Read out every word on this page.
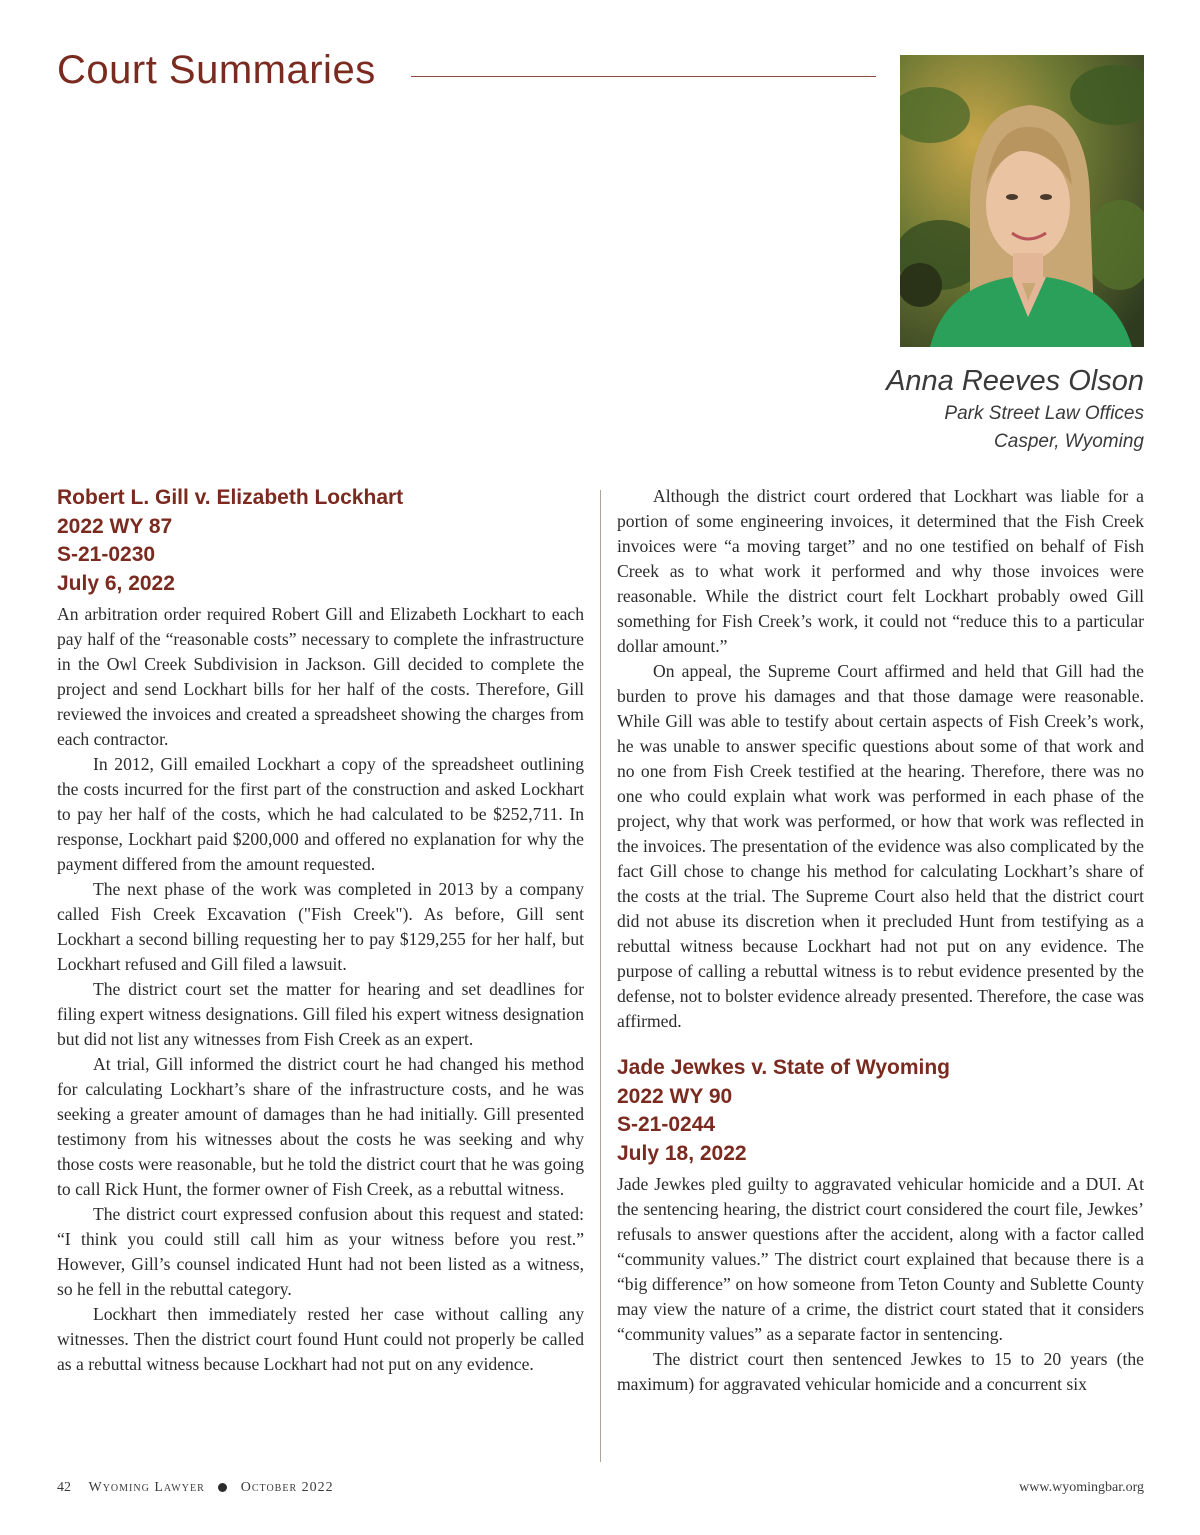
Court Summaries
Anna Reeves Olson
Park Street Law Offices
Casper, Wyoming
Robert L. Gill v. Elizabeth Lockhart
2022 WY 87
S-21-0230
July 6, 2022

An arbitration order required Robert Gill and Elizabeth Lockhart to each pay half of the “reasonable costs” necessary to complete the infrastructure in the Owl Creek Subdivision in Jackson. Gill decided to complete the project and send Lockhart bills for her half of the costs. Therefore, Gill reviewed the invoices and created a spreadsheet showing the charges from each contractor.

In 2012, Gill emailed Lockhart a copy of the spreadsheet outlining the costs incurred for the first part of the construction and asked Lockhart to pay her half of the costs, which he had calculated to be $252,711. In response, Lockhart paid $200,000 and offered no explanation for why the payment differed from the amount requested.

The next phase of the work was completed in 2013 by a company called Fish Creek Excavation ("Fish Creek"). As before, Gill sent Lockhart a second billing requesting her to pay $129,255 for her half, but Lockhart refused and Gill filed a lawsuit.

The district court set the matter for hearing and set deadlines for filing expert witness designations. Gill filed his expert witness designation but did not list any witnesses from Fish Creek as an expert.

At trial, Gill informed the district court he had changed his method for calculating Lockhart’s share of the infrastructure costs, and he was seeking a greater amount of damages than he had initially. Gill presented testimony from his witnesses about the costs he was seeking and why those costs were reasonable, but he told the district court that he was going to call Rick Hunt, the former owner of Fish Creek, as a rebuttal witness.

The district court expressed confusion about this request and stated: “I think you could still call him as your witness before you rest.” However, Gill’s counsel indicated Hunt had not been listed as a witness, so he fell in the rebuttal category.

Lockhart then immediately rested her case without calling any witnesses. Then the district court found Hunt could not properly be called as a rebuttal witness because Lockhart had not put on any evidence.

Although the district court ordered that Lockhart was liable for a portion of some engineering invoices, it determined that the Fish Creek invoices were “a moving target” and no one testified on behalf of Fish Creek as to what work it performed and why those invoices were reasonable. While the district court felt Lockhart probably owed Gill something for Fish Creek’s work, it could not “reduce this to a particular dollar amount.”

On appeal, the Supreme Court affirmed and held that Gill had the burden to prove his damages and that those damage were reasonable. While Gill was able to testify about certain aspects of Fish Creek’s work, he was unable to answer specific questions about some of that work and no one from Fish Creek testified at the hearing. Therefore, there was no one who could explain what work was performed in each phase of the project, why that work was performed, or how that work was reflected in the invoices. The presentation of the evidence was also complicated by the fact Gill chose to change his method for calculating Lockhart’s share of the costs at the trial. The Supreme Court also held that the district court did not abuse its discretion when it precluded Hunt from testifying as a rebuttal witness because Lockhart had not put on any evidence. The purpose of calling a rebuttal witness is to rebut evidence presented by the defense, not to bolster evidence already presented. Therefore, the case was affirmed.

Jade Jewkes v. State of Wyoming
2022 WY 90
S-21-0244
July 18, 2022

Jade Jewkes pled guilty to aggravated vehicular homicide and a DUI. At the sentencing hearing, the district court considered the court file, Jewkes’ refusals to answer questions after the accident, along with a factor called “community values.” The district court explained that because there is a “big difference” on how someone from Teton County and Sublette County may view the nature of a crime, the district court stated that it considers “community values” as a separate factor in sentencing.

The district court then sentenced Jewkes to 15 to 20 years (the maximum) for aggravated vehicular homicide and a concurrent six

42 Wyoming Lawyer	October 2022	www.wyomingbar.org
